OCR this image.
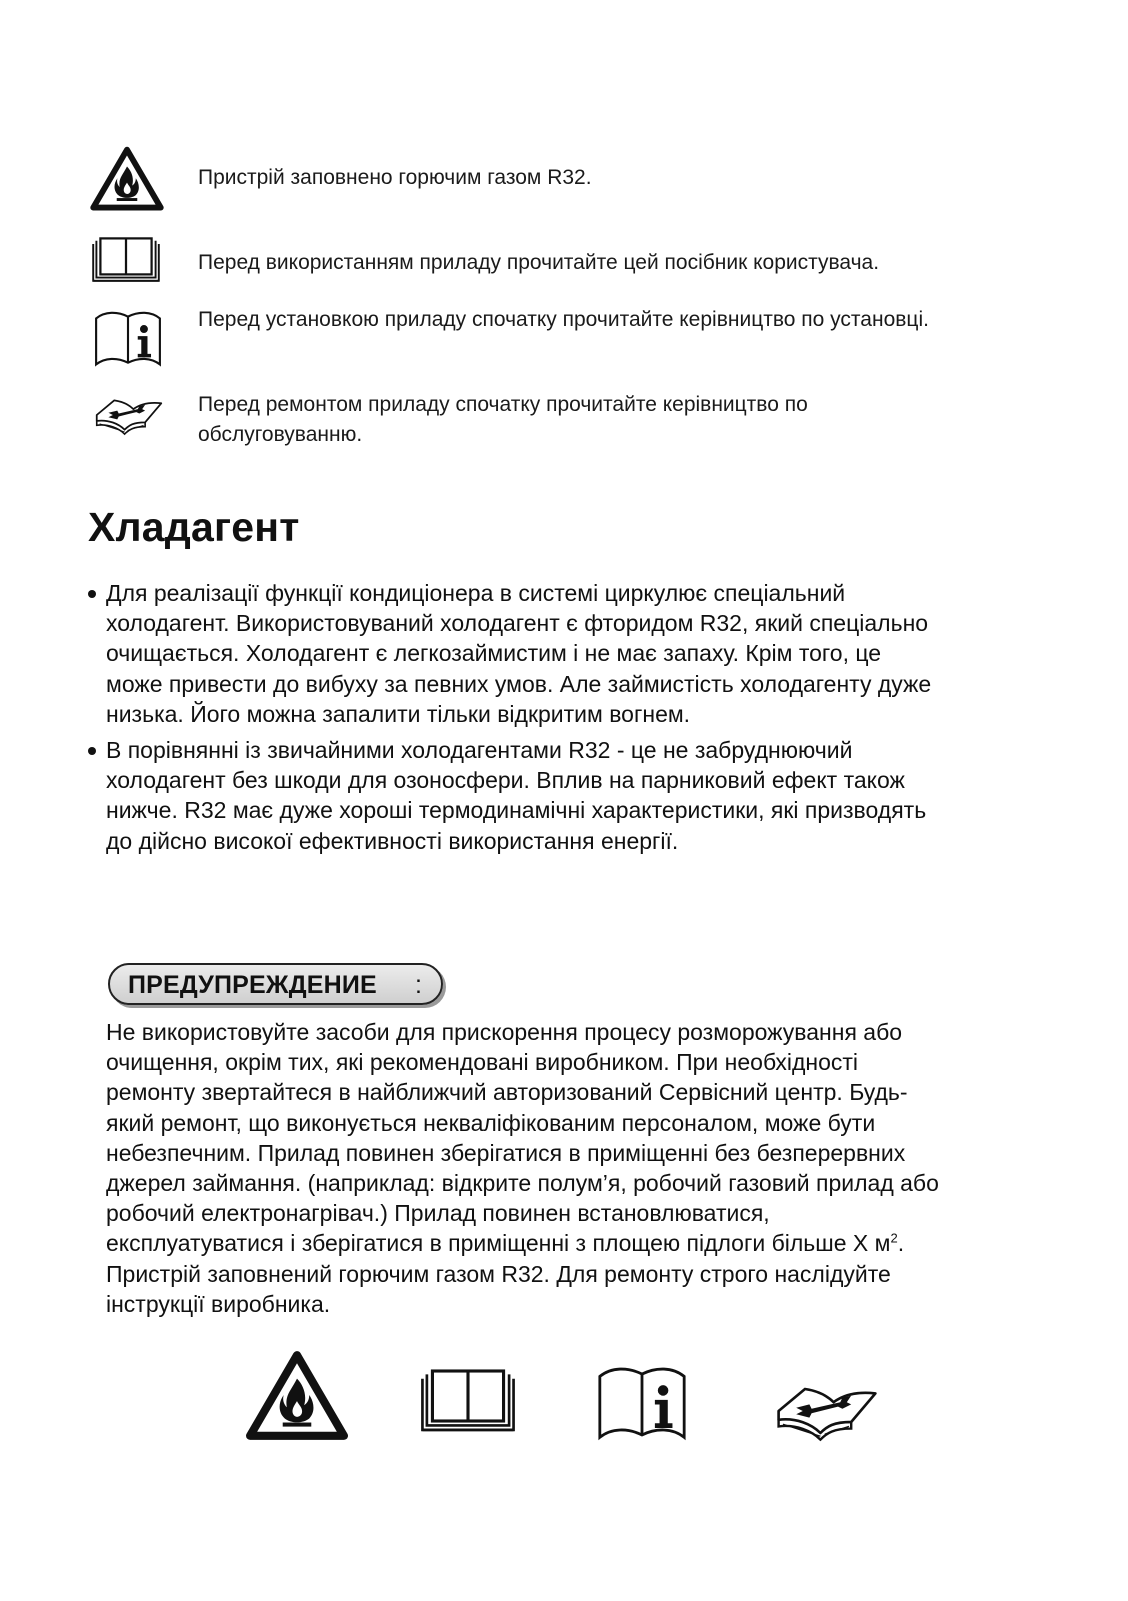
Пристрій заповнено горючим газом R32.
Перед використанням приладу прочитайте цей посібник користувача.
Перед установкою приладу спочатку прочитайте керівництво по установці.
Перед ремонтом приладу спочатку прочитайте керівництво по
обслуговуванню.
Хладагент
Для реалізації функції кондиціонера в системі циркулює спеціальний
холодагент. Використовуваний холодагент є фторидом R32, який спеціально
очищається. Холодагент є легкозаймистим і не має запаху. Крім того, це
може привести до вибуху за певних умов. Але займистість холодагенту дуже
низька. Його можна запалити тільки відкритим вогнем.
В порівнянні із звичайними холодагентами R32 - це не забруднюючий
холодагент без шкоди для озоносфери. Вплив на парниковий ефект також
нижче. R32 має дуже хороші термодинамічні характеристики, які призводять
до дійсно високої ефективності використання енергії.
ПРЕДУПРЕЖДЕНИЕ :
Не використовуйте засоби для прискорення процесу розморожування або
очищення, окрім тих, які рекомендовані виробником. При необхідності
ремонту звертайтеся в найближчий авторизований Сервісний центр. Будь-
який ремонт, що виконується некваліфікованим персоналом, може бути
небезпечним. Прилад повинен зберігатися в приміщенні без безперервних
джерел займання. (наприклад: відкрите полум’я, робочий газовий прилад або
робочий електронагрівач.) Прилад повинен встановлюватися,
експлуатуватися і зберігатися в приміщенні з площею підлоги більше X $м^2$.
Пристрій заповнений горючим газом R32. Для ремонту строго наслідуйте
інструкції виробника.
